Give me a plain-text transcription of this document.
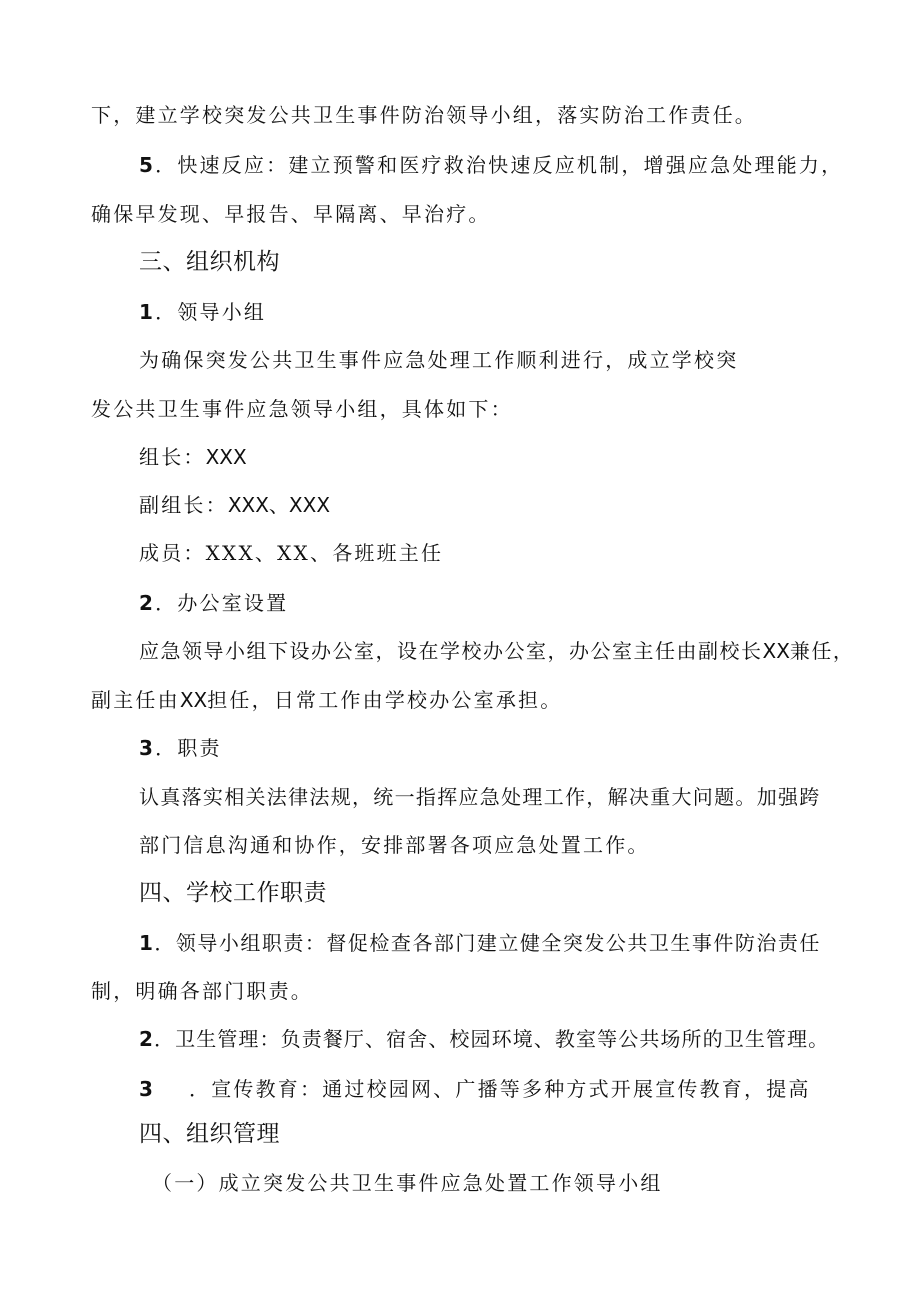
下，建立学校突发公共卫生事件防治领导小组，落实防治工作责任。
5．快速反应：建立预警和医疗救治快速反应机制，增强应急处理能力，
确保早发现、早报告、早隔离、早治疗。
三、组织机构
1．领导小组
为确保突发公共卫生事件应急处理工作顺利进行，成立学校突
发公共卫生事件应急领导小组，具体如下：
组长：XXX
副组长：XXX、XXX
成员：XXX、XX、各班班主任
2．办公室设置
应急领导小组下设办公室，设在学校办公室，办公室主任由副校长XX兼任，
副主任由XX担任，日常工作由学校办公室承担。
3．职责
认真落实相关法律法规，统一指挥应急处理工作，解决重大问题。加强跨
部门信息沟通和协作，安排部署各项应急处置工作。
四、学校工作职责
1．领导小组职责：督促检查各部门建立健全突发公共卫生事件防治责任
制，明确各部门职责。
2．卫生管理：负责餐厅、宿舍、校园环境、教室等公共场所的卫生管理。
3 ．宣传教育：通过校园网、广播等多种方式开展宣传教育，提高
四、组织管理
（一）成立突发公共卫生事件应急处置工作领导小组
